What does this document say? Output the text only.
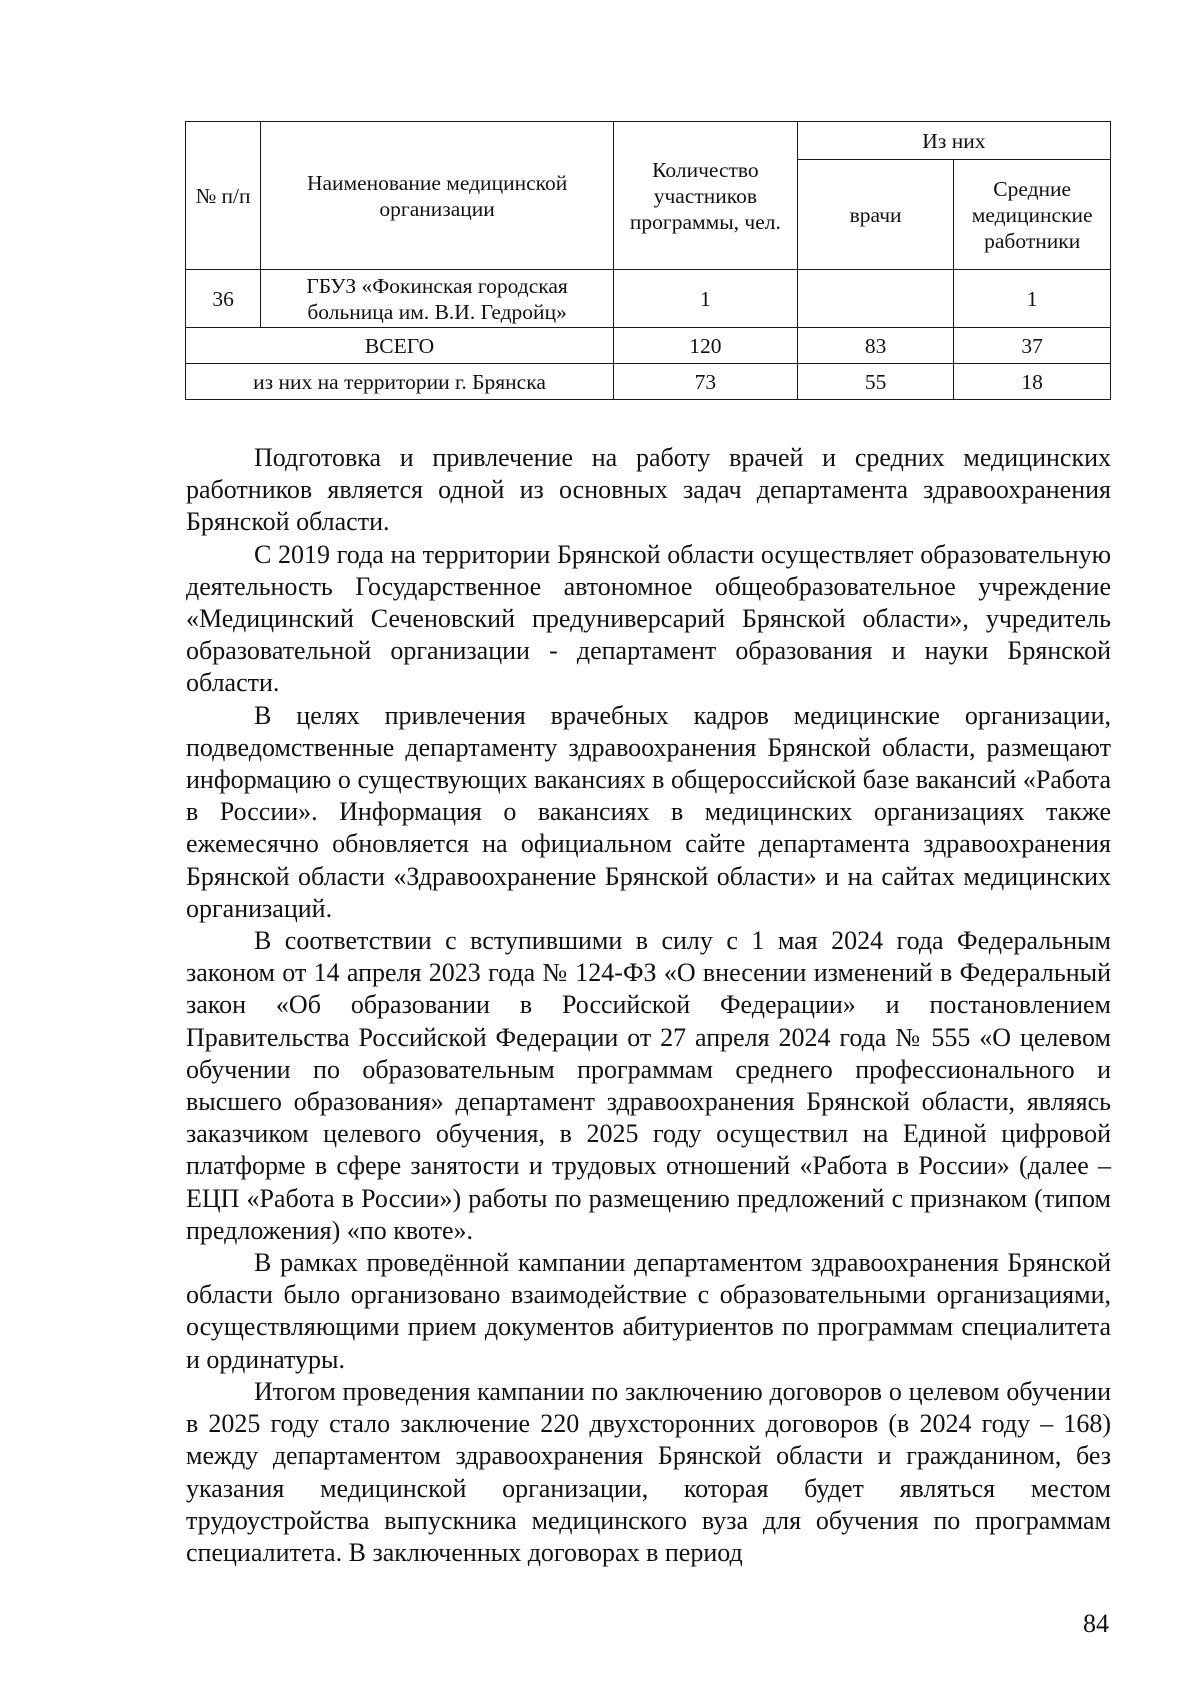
№ п/п	Наименование медицинской организации	Количество участников программы, чел.	Из них	
			врачи	Средние медицинские работники
36	ГБУЗ «Фокинская городская больница им. В.И. Гедройц»	1		1
ВСЕГО		120	83	37
из них на территории г. Брянска		73	55	18

Подготовка и привлечение на работу врачей и средних медицинских работников является одной из основных задач департамента здравоохранения Брянской области.

С 2019 года на территории Брянской области осуществляет образовательную деятельность Государственное автономное общеобразовательное учреждение «Медицинский Сеченовский предуниверсарий Брянской области», учредитель образовательной организации - департамент образования и науки Брянской области.

В целях привлечения врачебных кадров медицинские организации, подведомственные департаменту здравоохранения Брянской области, размещают информацию о существующих вакансиях в общероссийской базе вакансий «Работа в России». Информация о вакансиях в медицинских организациях также ежемесячно обновляется на официальном сайте департамента здравоохранения Брянской области «Здравоохранение Брянской области» и на сайтах медицинских организаций.

В соответствии с вступившими в силу с 1 мая 2024 года Федеральным законом от 14 апреля 2023 года № 124-ФЗ «О внесении изменений в Федеральный закон «Об образовании в Российской Федерации» и постановлением Правительства Российской Федерации от 27 апреля 2024 года № 555 «О целевом обучении по образовательным программам среднего профессионального и высшего образования» департамент здравоохранения Брянской области, являясь заказчиком целевого обучения, в 2025 году осуществил на Единой цифровой платформе в сфере занятости и трудовых отношений «Работа в России» (далее – ЕЦП «Работа в России») работы по размещению предложений с признаком (типом предложения) «по квоте».

В рамках проведённой кампании департаментом здравоохранения Брянской области было организовано взаимодействие с образовательными организациями, осуществляющими прием документов абитуриентов по программам специалитета и ординатуры.

Итогом проведения кампании по заключению договоров о целевом обучении в 2025 году стало заключение 220 двухсторонних договоров (в 2024 году – 168) между департаментом здравоохранения Брянской области и гражданином, без указания медицинской организации, которая будет являться местом трудоустройства выпускника медицинского вуза для обучения по программам специалитета. В заключенных договорах в период

84
